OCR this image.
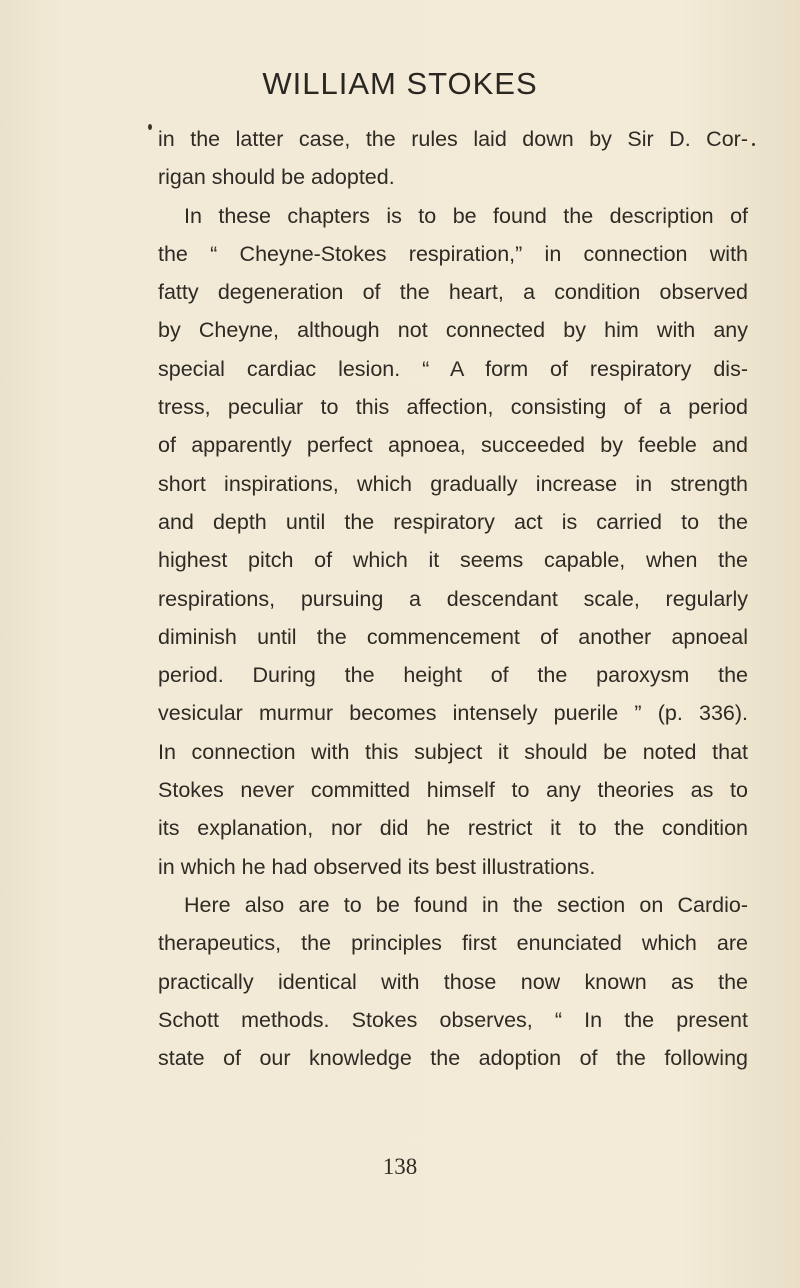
WILLIAM STOKES
in the latter case, the rules laid down by Sir D. Cor-
rigan should be adopted.
In these chapters is to be found the description of
the “ Cheyne-Stokes respiration,” in connection with
fatty degeneration of the heart, a condition observed
by Cheyne, although not connected by him with any
special cardiac lesion. “ A form of respiratory dis-
tress, peculiar to this affection, consisting of a period
of apparently perfect apnoea, succeeded by feeble and
short inspirations, which gradually increase in strength
and depth until the respiratory act is carried to the
highest pitch of which it seems capable, when the
respirations, pursuing a descendant scale, regularly
diminish until the commencement of another apnoeal
period. During the height of the paroxysm the
vesicular murmur becomes intensely puerile ” (p. 336).
In connection with this subject it should be noted that
Stokes never committed himself to any theories as to
its explanation, nor did he restrict it to the condition
in which he had observed its best illustrations.
Here also are to be found in the section on Cardio-
therapeutics, the principles first enunciated which are
practically identical with those now known as the
Schott methods. Stokes observes, “ In the present
state of our knowledge the adoption of the following
138
